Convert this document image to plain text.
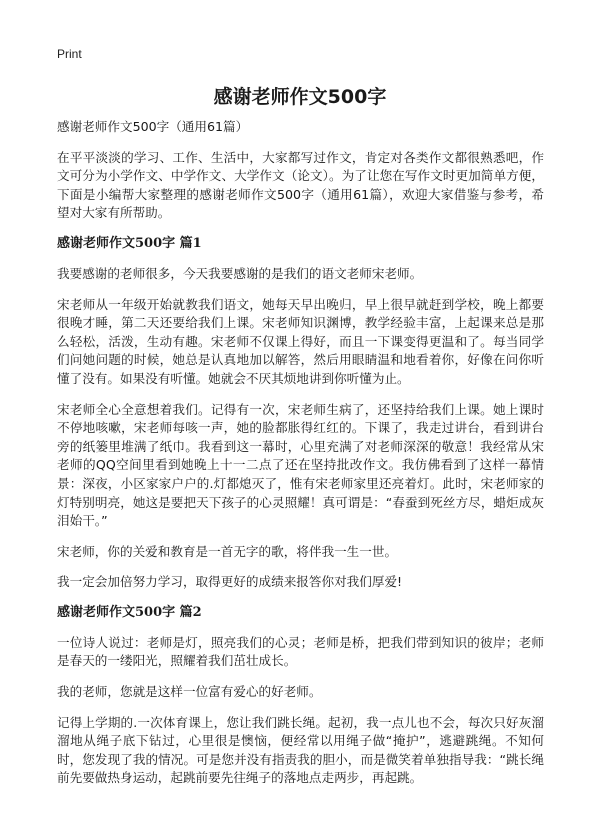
Print
感谢老师作文500字

感谢老师作文500字（通用61篇）

在平平淡淡的学习、工作、生活中，大家都写过作文，肯定对各类作文都很熟悉吧，作文可分为小学作文、中学作文、大学作文（论文）。为了让您在写作文时更加简单方便，下面是小编帮大家整理的感谢老师作文500字（通用61篇），欢迎大家借鉴与参考，希望对大家有所帮助。

感谢老师作文500字 篇1

我要感谢的老师很多，今天我要感谢的是我们的语文老师宋老师。

宋老师从一年级开始就教我们语文，她每天早出晚归，早上很早就赶到学校，晚上都要很晚才睡，第二天还要给我们上课。宋老师知识渊博，教学经验丰富，上起课来总是那么轻松，活泼，生动有趣。宋老师不仅课上得好，而且一下课变得更温和了。每当同学们问她问题的时候，她总是认真地加以解答，然后用眼睛温和地看着你，好像在问你听懂了没有。如果没有听懂。她就会不厌其烦地讲到你听懂为止。

宋老师全心全意想着我们。记得有一次，宋老师生病了，还坚持给我们上课。她上课时不停地咳嗽，宋老师每咳一声，她的脸都胀得红红的。下课了，我走过讲台，看到讲台旁的纸篓里堆满了纸巾。我看到这一幕时，心里充满了对老师深深的敬意！我经常从宋老师的QQ空间里看到她晚上十一二点了还在坚持批改作文。我仿佛看到了这样一幕情景：深夜，小区家家户户的.灯都熄灭了，惟有宋老师家里还亮着灯。此时，宋老师家的灯特别明亮，她这是要把天下孩子的心灵照耀！真可谓是：“春蚕到死丝方尽，蜡炬成灰泪始干。”

宋老师，你的关爱和教育是一首无字的歌，将伴我一生一世。

我一定会加倍努力学习，取得更好的成绩来报答你对我们厚爱!

感谢老师作文500字 篇2

一位诗人说过：老师是灯，照亮我们的心灵；老师是桥，把我们带到知识的彼岸；老师是春天的一缕阳光，照耀着我们茁壮成长。

我的老师，您就是这样一位富有爱心的好老师。

记得上学期的.一次体育课上，您让我们跳长绳。起初，我一点儿也不会，每次只好灰溜溜地从绳子底下钻过，心里很是懊恼，便经常以用绳子做“掩护”，逃避跳绳。不知何时，您发现了我的情况。可是您并没有指责我的胆小，而是微笑着单独指导我：“跳长绳前先要做热身运动，起跳前要先往绳子的落地点走两步，再起跳。
